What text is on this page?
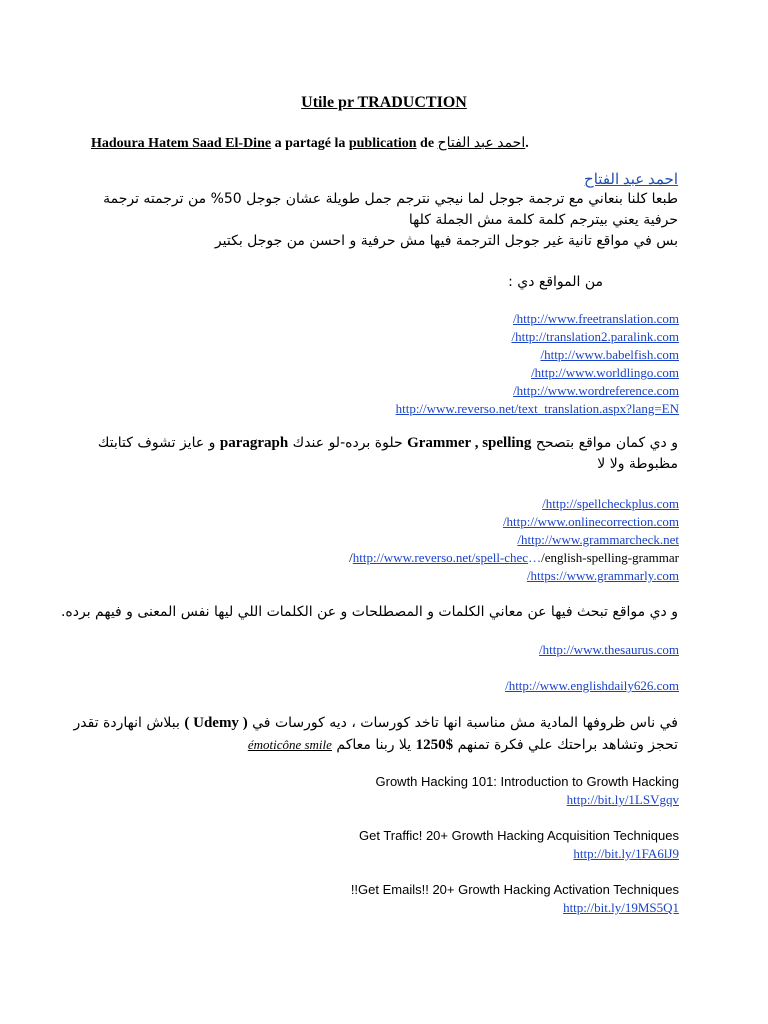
Utile pr TRADUCTION
Hadoura Hatem Saad El-Dine a partagé la publication de احمد عبد الفتاح.
احمد عبد الفتاح
طبعا كلنا بنعاني مع ترجمة جوجل لما نيجي نترجم جمل طويلة عشان جوجل 50% من ترجمته ترجمة
حرفية يعني بيترجم كلمة كلمة مش الجملة كلها
بس في مواقع تانية غير جوجل الترجمة فيها مش حرفية و احسن من جوجل بكتير
من المواقع دي :
/http://www.freetranslation.com
/http://translation2.paralink.com
/http://www.babelfish.com
/http://www.worldlingo.com
/http://www.wordreference.com
http://www.reverso.net/text_translation.aspx?lang=EN
و دي كمان مواقع بتصحح Grammer , spelling حلوة برده-لو عندك paragraph و عايز تشوف كتابتك
مظبوطة ولا لا
/http://spellcheckplus.com
/http://www.onlinecorrection.com
/http://www.grammarcheck.net
/http://www.reverso.net/spell-chec…/english-spelling-grammar
/https://www.grammarly.com
و دي مواقع تبحث فيها عن معاني الكلمات و المصطلحات و عن الكلمات اللي ليها نفس المعنى و فيهم برده.
/http://www.thesaurus.com
/http://www.englishdaily626.com
في ناس ظروفها المادية مش مناسبة انها تاخد كورسات ، ديه كورسات في ( Udemy ) ببلاش انهاردة تقدر
تحجز وتشاهد براحتك علي فكرة تمنهم $1250 يلا ربنا معاكم émoticône smile
Growth Hacking 101: Introduction to Growth Hacking
http://bit.ly/1LSVgqv
Get Traffic! 20+ Growth Hacking Acquisition Techniques
http://bit.ly/1FA6lJ9
!!Get Emails!! 20+ Growth Hacking Activation Techniques
http://bit.ly/19MS5Q1
